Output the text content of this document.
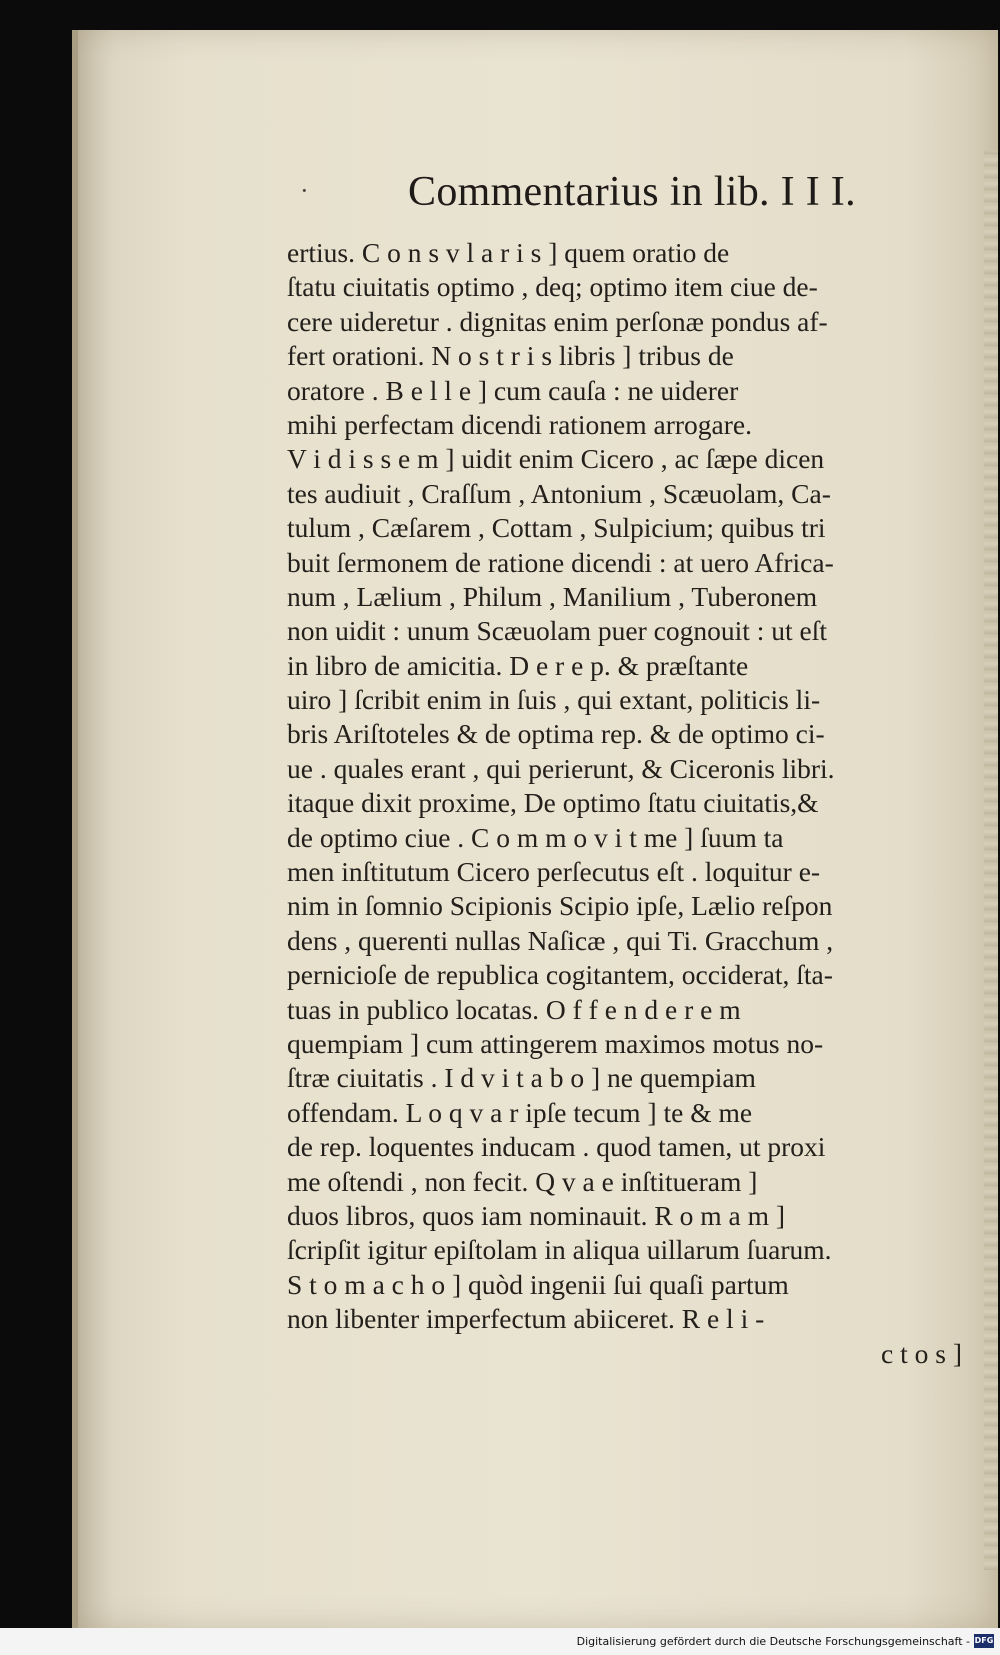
· Commentarius in lib. I I I.
ertius. C o n s v l a r i s ] quem oratio de
ſtatu ciuitatis optimo , deq; optimo item ciue de-
cere uideretur . dignitas enim perſonæ pondus af-
fert orationi. N o s t r i s libris ] tribus de
oratore . B e l l e ] cum cauſa : ne uiderer
mihi perfectam dicendi rationem arrogare.
V i d i s s e m ] uidit enim Cicero , ac ſæpe dicen
tes audiuit , Craſſum , Antonium , Scæuolam, Ca-
tulum , Cæſarem , Cottam , Sulpicium; quibus tri
buit ſermonem de ratione dicendi : at uero Africa-
num , Lælium , Philum , Manilium , Tuberonem
non uidit : unum Scæuolam puer cognouit : ut eſt
in libro de amicitia. D e r e p. & præſtante
uiro ] ſcribit enim in ſuis , qui extant, politicis li-
bris Ariſtoteles & de optima rep. & de optimo ci-
ue . quales erant , qui perierunt, & Ciceronis libri.
itaque dixit proxime, De optimo ſtatu ciuitatis,&
de optimo ciue . C o m m o v i t me ] ſuum ta
men inſtitutum Cicero perſecutus eſt . loquitur e-
nim in ſomnio Scipionis Scipio ipſe, Lælio reſpon
dens , querenti nullas Naſicæ , qui Ti. Gracchum ,
pernicioſe de republica cogitantem, occiderat, ſta-
tuas in publico locatas. O f f e n d e r e m
quempiam ] cum attingerem maximos motus no-
ſtræ ciuitatis . I d v i t a b o ] ne quempiam
offendam. L o q v a r ipſe tecum ] te & me
de rep. loquentes inducam . quod tamen, ut proxi
me oſtendi , non fecit. Q v a e inſtitueram ]
duos libros, quos iam nominauit. R o m a m ]
ſcripſit igitur epiſtolam in aliqua uillarum ſuarum.
S t o m a c h o ] quòd ingenii ſui quaſi partum
non libenter imperfectum abiiceret. R e l i -
c t o s ]
Digitalisierung gefördert durch die Deutsche Forschungsgemeinschaft - DFG
